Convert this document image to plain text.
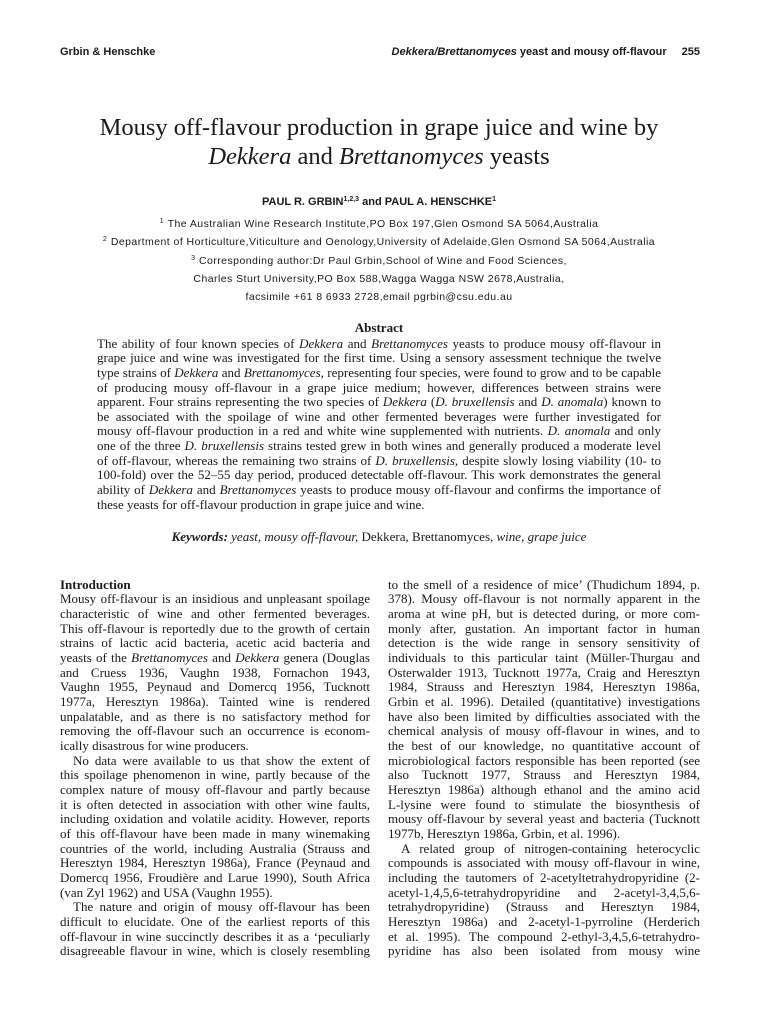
Grbin & Henschke	Dekkera/Brettanomyces yeast and mousy off-flavour 255
Mousy off-flavour production in grape juice and wine by
Dekkera and Brettanomyces yeasts
PAUL R. GRBIN$^{1,2,3}$ and PAUL A. HENSCHKE$^1$
$^1$ The Australian Wine Research Institute,PO Box 197,Glen Osmond SA 5064,Australia
$^2$ Department of Horticulture,Viticulture and Oenology,University of Adelaide,Glen Osmond SA 5064,Australia
$^3$ Corresponding author:Dr Paul Grbin,School of Wine and Food Sciences,
Charles Sturt University,PO Box 588,Wagga Wagga NSW 2678,Australia,
facsimile +61 8 6933 2728,email pgrbin@csu.edu.au
Abstract
The ability of four known species of Dekkera and Brettanomyces yeasts to produce mousy off-flavour in
grape juice and wine was investigated for the first time. Using a sensory assessment technique the twelve
type strains of Dekkera and Brettanomyces, representing four species, were found to grow and to be capable
of producing mousy off-flavour in a grape juice medium; however, differences between strains were
apparent. Four strains representing the two species of Dekkera (D. bruxellensis and D. anomala) known to
be associated with the spoilage of wine and other fermented beverages were further investigated for
mousy off-flavour production in a red and white wine supplemented with nutrients. D. anomala and only
one of the three D. bruxellensis strains tested grew in both wines and generally produced a moderate level
of off-flavour, whereas the remaining two strains of D. bruxellensis, despite slowly losing viability (10- to
100-fold) over the 52–55 day period, produced detectable off-flavour. This work demonstrates the general
ability of Dekkera and Brettanomyces yeasts to produce mousy off-flavour and confirms the importance of
these yeasts for off-flavour production in grape juice and wine.
Keywords: yeast, mousy off-flavour, Dekkera, Brettanomyces, wine, grape juice
Introduction
Mousy off-flavour is an insidious and unpleasant spoilage
characteristic of wine and other fermented beverages.
This off-flavour is reportedly due to the growth of certain
strains of lactic acid bacteria, acetic acid bacteria and
yeasts of the Brettanomyces and Dekkera genera (Douglas
and Cruess 1936, Vaughn 1938, Fornachon 1943,
Vaughn 1955, Peynaud and Domercq 1956, Tucknott
1977a, Heresztyn 1986a). Tainted wine is rendered
unpalatable, and as there is no satisfactory method for
removing the off-flavour such an occurrence is econom-
ically disastrous for wine producers.
No data were available to us that show the extent of
this spoilage phenomenon in wine, partly because of the
complex nature of mousy off-flavour and partly because
it is often detected in association with other wine faults,
including oxidation and volatile acidity. However, reports
of this off-flavour have been made in many winemaking
countries of the world, including Australia (Strauss and
Heresztyn 1984, Heresztyn 1986a), France (Peynaud and
Domercq 1956, Froudière and Larue 1990), South Africa
(van Zyl 1962) and USA (Vaughn 1955).
The nature and origin of mousy off-flavour has been
difficult to elucidate. One of the earliest reports of this
off-flavour in wine succinctly describes it as a ‘peculiarly
disagreeable flavour in wine, which is closely resembling
to the smell of a residence of mice’ (Thudichum 1894, p.
378). Mousy off-flavour is not normally apparent in the
aroma at wine pH, but is detected during, or more com-
monly after, gustation. An important factor in human
detection is the wide range in sensory sensitivity of
individuals to this particular taint (Müller-Thurgau and
Osterwalder 1913, Tucknott 1977a, Craig and Heresztyn
1984, Strauss and Heresztyn 1984, Heresztyn 1986a,
Grbin et al. 1996). Detailed (quantitative) investigations
have also been limited by difficulties associated with the
chemical analysis of mousy off-flavour in wines, and to
the best of our knowledge, no quantitative account of
microbiological factors responsible has been reported (see
also Tucknott 1977, Strauss and Heresztyn 1984,
Heresztyn 1986a) although ethanol and the amino acid
L-lysine were found to stimulate the biosynthesis of
mousy off-flavour by several yeast and bacteria (Tucknott
1977b, Heresztyn 1986a, Grbin, et al. 1996).
A related group of nitrogen-containing heterocyclic
compounds is associated with mousy off-flavour in wine,
including the tautomers of 2-acetyltetrahydropyridine (2-
acetyl-1,4,5,6-tetrahydropyridine and 2-acetyl-3,4,5,6-
tetrahydropyridine) (Strauss and Heresztyn 1984,
Heresztyn 1986a) and 2-acetyl-1-pyrroline (Herderich
et al. 1995). The compound 2-ethyl-3,4,5,6-tetrahydro-
pyridine has also been isolated from mousy wine
